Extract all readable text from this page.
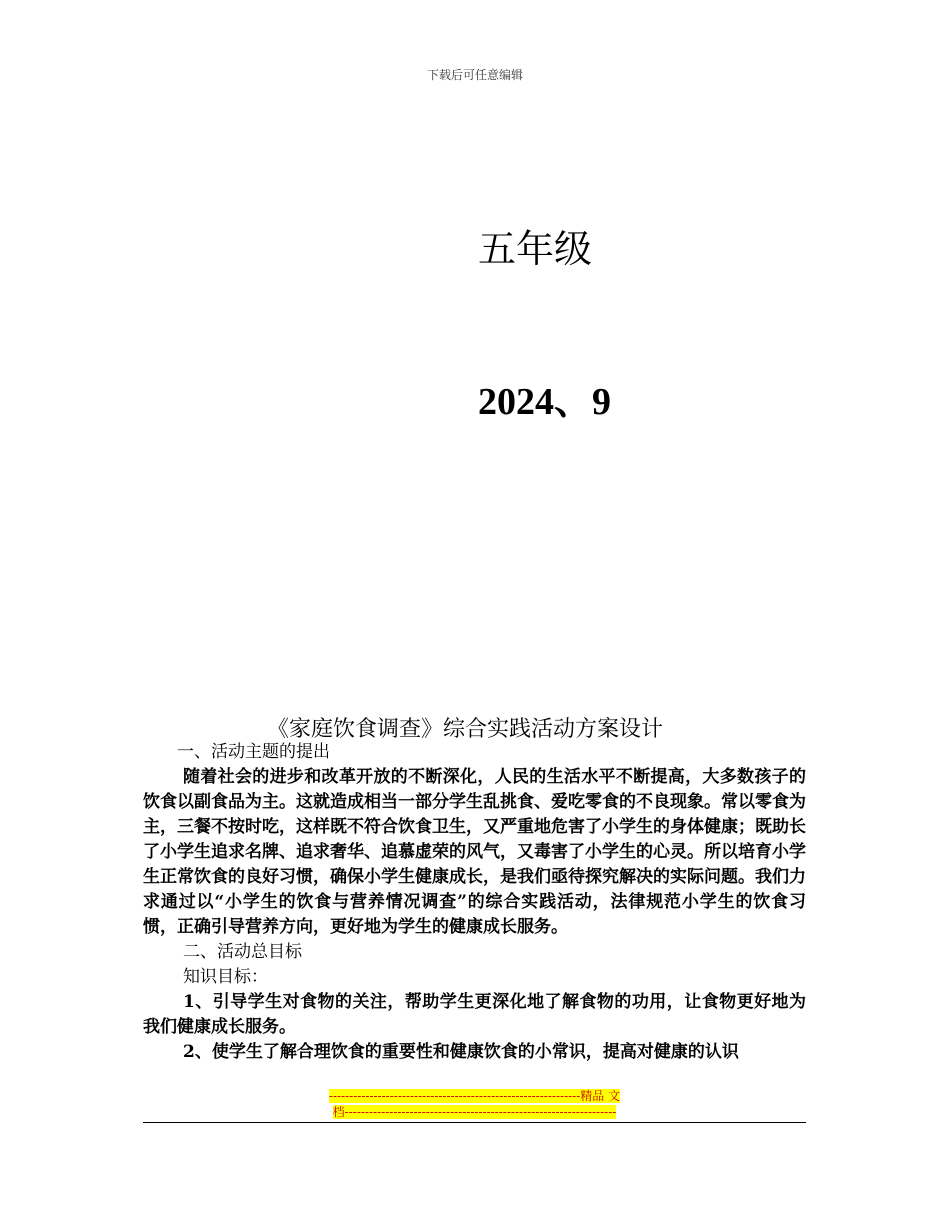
下载后可任意编辑
五年级
2024、9
《家庭饮食调查》综合实践活动方案设计

一、活动主题的提出

随着社会的进步和改革开放的不断深化，人民的生活水平不断提高，大多数孩子的饮食以副食品为主。这就造成相当一部分学生乱挑食、爱吃零食的不良现象。常以零食为主，三餐不按时吃，这样既不符合饮食卫生，又严重地危害了小学生的身体健康；既助长了小学生追求名牌、追求奢华、追慕虚荣的风气，又毒害了小学生的心灵。所以培育小学生正常饮食的良好习惯，确保小学生健康成长，是我们亟待探究解决的实际问题。我们力求通过以“小学生的饮食与营养情况调查”的综合实践活动，法律规范小学生的饮食习惯，正确引导营养方向，更好地为学生的健康成长服务。

二、活动总目标

知识目标：

1、引导学生对食物的关注，帮助学生更深化地了解食物的功用，让食物更好地为我们健康成长服务。

2、使学生了解合理饮食的重要性和健康饮食的小常识，提高对健康的认识

--------------------------------------------------------------精品 文
档-------------------------------------------------------------------
